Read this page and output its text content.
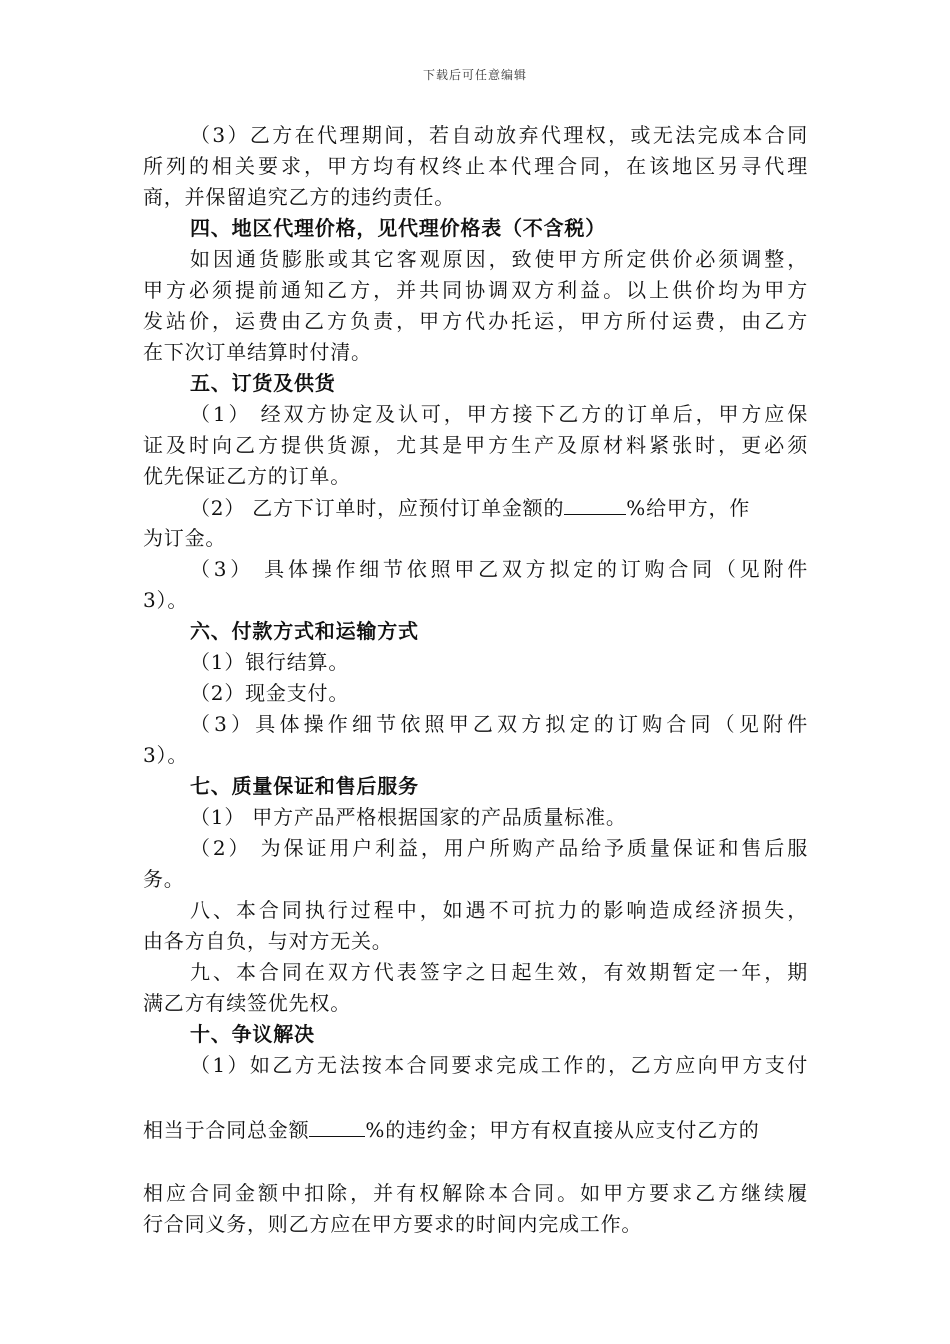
下载后可任意编辑
（3）乙方在代理期间，若自动放弃代理权，或无法完成本合同
所列的相关要求，甲方均有权终止本代理合同，在该地区另寻代理
商，并保留追究乙方的违约责任。
四、地区代理价格，见代理价格表（不含税）
如因通货膨胀或其它客观原因，致使甲方所定供价必须调整，
甲方必须提前通知乙方，并共同协调双方利益。以上供价均为甲方
发站价，运费由乙方负责，甲方代办托运，甲方所付运费，由乙方
在下次订单结算时付清。
五、订货及供货
（1） 经双方协定及认可，甲方接下乙方的订单后，甲方应保
证及时向乙方提供货源，尤其是甲方生产及原材料紧张时，更必须
优先保证乙方的订单。
（2） 乙方下订单时，应预付订单金额的	%给甲方，作
为订金。
（3） 具体操作细节依照甲乙双方拟定的订购合同（见附件
3）。
六、付款方式和运输方式
（1）银行结算。
（2）现金支付。
（3）具体操作细节依照甲乙双方拟定的订购合同（见附件
3）。
七、质量保证和售后服务
（1） 甲方产品严格根据国家的产品质量标准。
（2） 为保证用户利益，用户所购产品给予质量保证和售后服
务。
八、本合同执行过程中，如遇不可抗力的影响造成经济损失，
由各方自负，与对方无关。
九、本合同在双方代表签字之日起生效，有效期暂定一年，期
满乙方有续签优先权。
十、争议解决
（1）如乙方无法按本合同要求完成工作的，乙方应向甲方支付
相当于合同总金额	%的违约金；甲方有权直接从应支付乙方的
相应合同金额中扣除，并有权解除本合同。如甲方要求乙方继续履
行合同义务，则乙方应在甲方要求的时间内完成工作。
